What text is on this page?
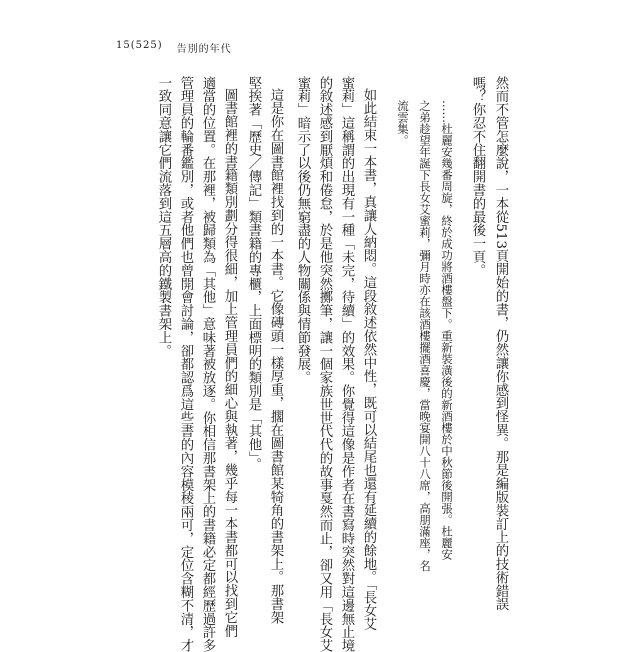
15(525) 告別的年代
然而不管怎麼說，一本從513頁開始的書，仍然讓你感到怪異。那是編版裝訂上的技術錯誤
嗎？你忍不住翻開書的最後一頁。
……杜麗安幾番周旋，終於成功將酒樓盤下。重新裝潢後的新酒樓於中秋節後開張。杜麗安
之弟趁望年誕下長女艾蜜莉，彌月時亦在該酒樓擺酒喜慶，當晚宴開八十八席，高朋滿座，名
流雲集。
如此結束一本書，真讓人納悶。這段敘述依然中性，既可以結尾也還有延續的餘地。「長女艾
蜜莉」這稱謂的出現有一種「未完，待續」的效果。你覺得這像是作者在書寫時突然對這邊無止境
的敘述感到厭煩和倦怠，於是他突然擲筆，讓一個家族世世代代的故事戛然而止，卻又用「長女艾
蜜莉」暗示了以後仍無窮盡的人物關係與情節發展。
這是你在圖書館裡找到的一本書。它像磚頭一樣厚重，擱在圖書館某犄角的書架上。那書架
堅挨著「歷史／傳記」類書籍的專櫃，上面標明的類別是「其他」。
圖書館裡的書籍類別劃分得很細，加上管理員們的細心與執著，幾乎每一本書都可以找到它們
適當的位置。在那裡，被歸類為「其他」意味著被放逐。你相信那書架上的書籍必定都經歷過許多
管理員的輪番鑑別，或者他們也曾開會討論，卻都認爲這些書的內容模稜兩可，定位含糊不清，才
一致同意讓它們流落到這五層高的鐵製書架上。
